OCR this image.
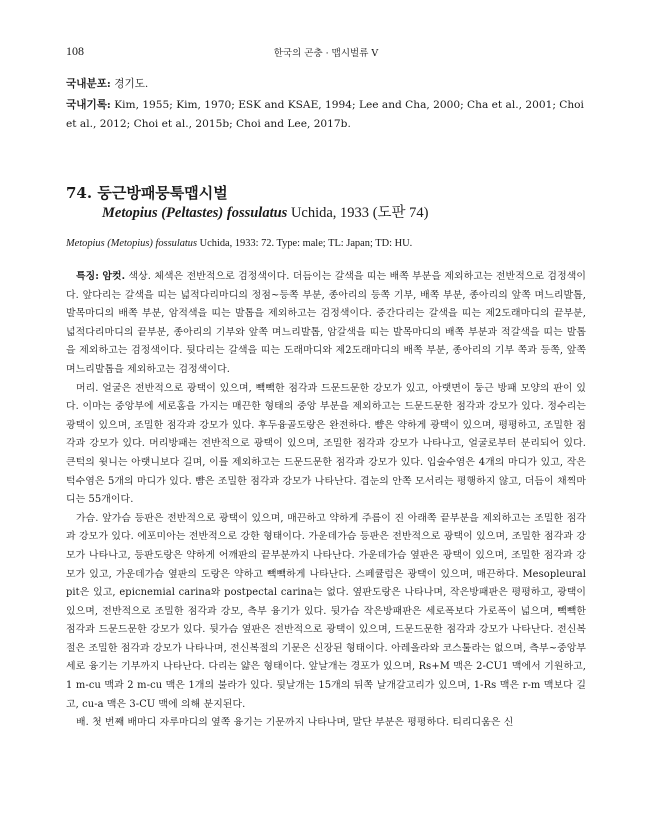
108	한국의 곤충 · 맵시벌류 V
국내분포: 경기도.
국내기록: Kim, 1955; Kim, 1970; ESK and KSAE, 1994; Lee and Cha, 2000; Cha et al., 2001; Choi et al., 2012; Choi et al., 2015b; Choi and Lee, 2017b.
74. 둥근방패뭉툭맵시벌
Metopius (Peltastes) fossulatus Uchida, 1933 (도판 74)
Metopius (Metopius) fossulatus Uchida, 1933: 72. Type: male; TL: Japan; TD: HU.

특징: 암컷. 색상. 체색은 전반적으로 검정색이다. 더듬이는 갈색을 띠는 배쪽 부분을 제외하고는 전반적으로 검정색이다. 앞다리는 갈색을 띠는 넓적다리마디의 정점~등쪽 부분, 종아리의 등쪽 기부, 배쪽 부분, 종아리의 앞쪽 며느리발톱, 발목마디의 배쪽 부분, 암적색을 띠는 발톱을 제외하고는 검정색이다. 중간다리는 갈색을 띠는 제2도래마디의 끝부분, 넓적다리마디의 끝부분, 종아리의 기부와 앞쪽 며느리발톱, 암갈색을 띠는 발목마디의 배쪽 부분과 적갈색을 띠는 발톱을 제외하고는 검정색이다. 뒷다리는 갈색을 띠는 도래마디와 제2도래마디의 배쪽 부분, 종아리의 기부 쪽과 등쪽, 앞쪽 며느리발톱을 제외하고는 검정색이다.

머리. 얼굴은 전반적으로 광택이 있으며, 빽빽한 점각과 드문드문한 강모가 있고, 아랫면이 둥근 방패 모양의 판이 있다. 이마는 중앙부에 세로홈을 가지는 매끈한 형태의 중앙 부분을 제외하고는 드문드문한 점각과 강모가 있다. 정수리는 광택이 있으며, 조밀한 점각과 강모가 있다. 후두융골도랑은 완전하다. 뺨은 약하게 광택이 있으며, 평평하고, 조밀한 점각과 강모가 있다. 머리방패는 전반적으로 광택이 있으며, 조밀한 점각과 강모가 나타나고, 얼굴로부터 분리되어 있다. 큰턱의 윗니는 아랫니보다 길며, 이를 제외하고는 드문드문한 점각과 강모가 있다. 입술수염은 4개의 마디가 있고, 작은턱수염은 5개의 마디가 있다. 뺨은 조밀한 점각과 강모가 나타난다. 겹눈의 안쪽 모서리는 평행하지 않고, 더듬이 채찍마디는 55개이다.

가슴. 앞가슴 등판은 전반적으로 광택이 있으며, 매끈하고 약하게 주름이 진 아래쪽 끝부분을 제외하고는 조밀한 점각과 강모가 있다. 에포미아는 전반적으로 강한 형태이다. 가운데가슴 등판은 전반적으로 광택이 있으며, 조밀한 점각과 강모가 나타나고, 등판도랑은 약하게 어깨판의 끝부분까지 나타난다. 가운데가슴 옆판은 광택이 있으며, 조밀한 점각과 강모가 있고, 가운데가슴 옆판의 도랑은 약하고 빽빽하게 나타난다. 스페큘럼은 광택이 있으며, 매끈하다. Mesopleural pit은 있고, epicnemial carina와 postpectal carina는 없다. 옆판도랑은 나타나며, 작은방패판은 평평하고, 광택이 있으며, 전반적으로 조밀한 점각과 강모, 측부 융기가 있다. 뒷가슴 작은방패판은 세로폭보다 가로폭이 넓으며, 빽빽한 점각과 드문드문한 강모가 있다. 뒷가슴 옆판은 전반적으로 광택이 있으며, 드문드문한 점각과 강모가 나타난다. 전신복절은 조밀한 점각과 강모가 나타나며, 전신복절의 기문은 신장된 형태이다. 아레올라와 코스툴라는 없으며, 측부~중앙부 세로 융기는 기부까지 나타난다. 다리는 얇은 형태이다. 앞날개는 경포가 있으며, Rs+M 맥은 2-CU1 맥에서 기원하고, 1 m-cu 맥과 2 m-cu 맥은 1개의 불라가 있다. 뒷날개는 15개의 뒤쪽 날개갈고리가 있으며, 1-Rs 맥은 r-m 맥보다 길고, cu-a 맥은 3-CU 맥에 의해 분지된다.

배. 첫 번째 배마디 자루마디의 옆쪽 융기는 기문까지 나타나며, 말단 부분은 평평하다. 티리디움은 신
